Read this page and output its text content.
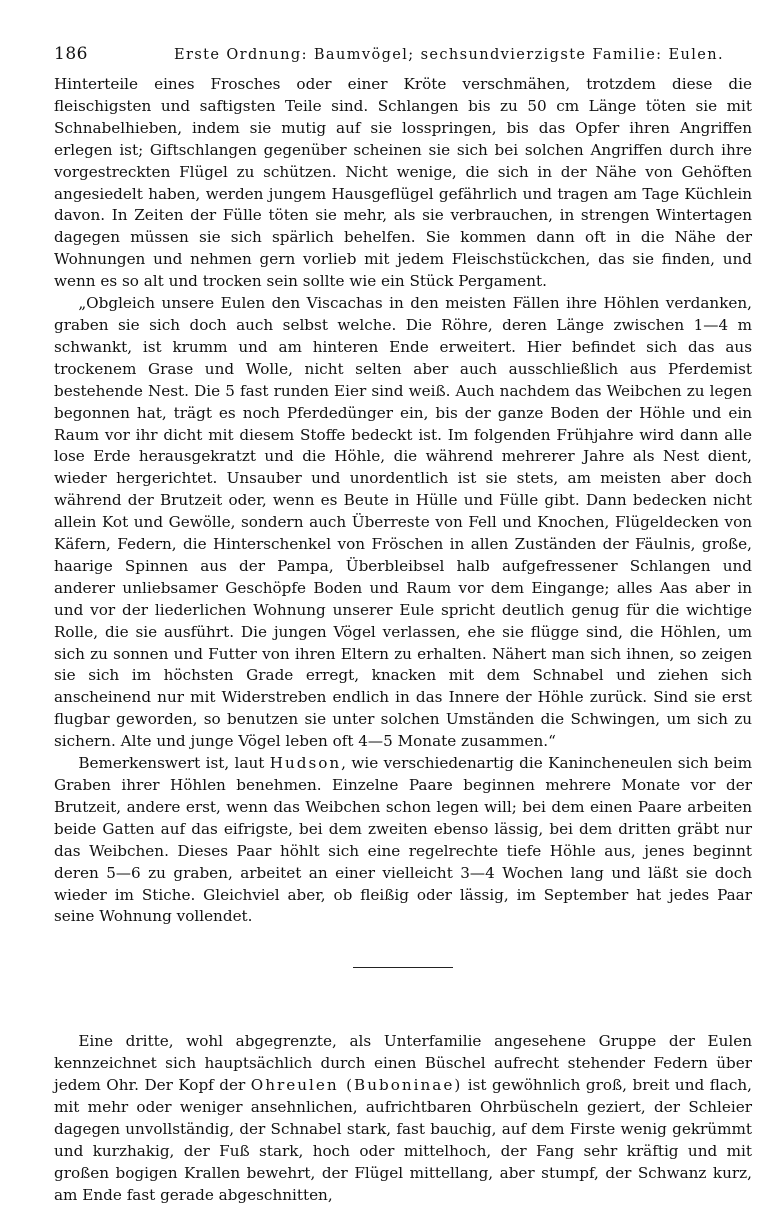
186	Erste Ordnung: Baumvögel; sechsundvierzigste Familie: Eulen.

Hinterteile eines Frosches oder einer Kröte verschmähen, trotzdem diese die fleischigsten und saftigsten Teile sind. Schlangen bis zu 50 cm Länge töten sie mit Schnabelhieben, indem sie mutig auf sie losspringen, bis das Opfer ihren Angriffen erlegen ist; Giftschlangen gegenüber scheinen sie sich bei solchen Angriffen durch ihre vorgestreckten Flügel zu schützen. Nicht wenige, die sich in der Nähe von Gehöften angesiedelt haben, werden jungem Hausgeflügel gefährlich und tragen am Tage Küchlein davon. In Zeiten der Fülle töten sie mehr, als sie verbrauchen, in strengen Wintertagen dagegen müssen sie sich spärlich behelfen. Sie kommen dann oft in die Nähe der Wohnungen und nehmen gern vorlieb mit jedem Fleischstückchen, das sie finden, und wenn es so alt und trocken sein sollte wie ein Stück Pergament.

„Obgleich unsere Eulen den Viscachas in den meisten Fällen ihre Höhlen verdanken, graben sie sich doch auch selbst welche. Die Röhre, deren Länge zwischen 1—4 m schwankt, ist krumm und am hinteren Ende erweitert. Hier befindet sich das aus trockenem Grase und Wolle, nicht selten aber auch ausschließlich aus Pferdemist bestehende Nest. Die 5 fast runden Eier sind weiß. Auch nachdem das Weibchen zu legen begonnen hat, trägt es noch Pferdedünger ein, bis der ganze Boden der Höhle und ein Raum vor ihr dicht mit diesem Stoffe bedeckt ist. Im folgenden Frühjahre wird dann alle lose Erde herausgekratzt und die Höhle, die während mehrerer Jahre als Nest dient, wieder hergerichtet. Unsauber und unordentlich ist sie stets, am meisten aber doch während der Brutzeit oder, wenn es Beute in Hülle und Fülle gibt. Dann bedecken nicht allein Kot und Gewölle, sondern auch Überreste von Fell und Knochen, Flügeldecken von Käfern, Federn, die Hinterschenkel von Fröschen in allen Zuständen der Fäulnis, große, haarige Spinnen aus der Pampa, Überbleibsel halb aufgefressener Schlangen und anderer unliebsamer Geschöpfe Boden und Raum vor dem Eingange; alles Aas aber in und vor der liederlichen Wohnung unserer Eule spricht deutlich genug für die wichtige Rolle, die sie ausführt. Die jungen Vögel verlassen, ehe sie flügge sind, die Höhlen, um sich zu sonnen und Futter von ihren Eltern zu erhalten. Nähert man sich ihnen, so zeigen sie sich im höchsten Grade erregt, knacken mit dem Schnabel und ziehen sich anscheinend nur mit Widerstreben endlich in das Innere der Höhle zurück. Sind sie erst flugbar geworden, so benutzen sie unter solchen Umständen die Schwingen, um sich zu sichern. Alte und junge Vögel leben oft 4—5 Monate zusammen.“

Bemerkenswert ist, laut Hudson, wie verschiedenartig die Kanincheneulen sich beim Graben ihrer Höhlen benehmen. Einzelne Paare beginnen mehrere Monate vor der Brutzeit, andere erst, wenn das Weibchen schon legen will; bei dem einen Paare arbeiten beide Gatten auf das eifrigste, bei dem zweiten ebenso lässig, bei dem dritten gräbt nur das Weibchen. Dieses Paar höhlt sich eine regelrechte tiefe Höhle aus, jenes beginnt deren 5—6 zu graben, arbeitet an einer vielleicht 3—4 Wochen lang und läßt sie doch wieder im Stiche. Gleichviel aber, ob fleißig oder lässig, im September hat jedes Paar seine Wohnung vollendet.

Eine dritte, wohl abgegrenzte, als Unterfamilie angesehene Gruppe der Eulen kennzeichnet sich hauptsächlich durch einen Büschel aufrecht stehender Federn über jedem Ohr. Der Kopf der Ohreulen (Buboninae) ist gewöhnlich groß, breit und flach, mit mehr oder weniger ansehnlichen, aufrichtbaren Ohrbüscheln geziert, der Schleier dagegen unvollständig, der Schnabel stark, fast bauchig, auf dem Firste wenig gekrümmt und kurzhakig, der Fuß stark, hoch oder mittelhoch, der Fang sehr kräftig und mit großen bogigen Krallen bewehrt, der Flügel mittellang, aber stumpf, der Schwanz kurz, am Ende fast gerade abgeschnitten,
